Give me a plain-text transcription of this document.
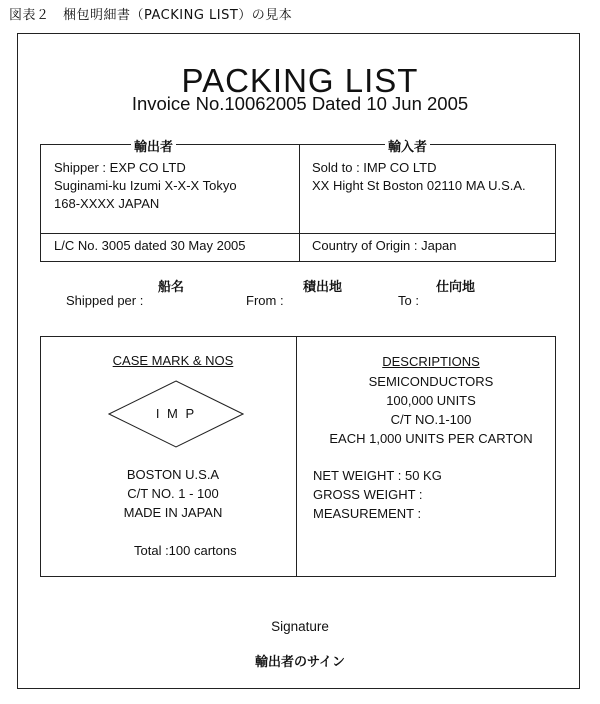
図表２　梱包明細書（PACKING LIST）の見本
PACKING LIST
Invoice No.10062005 Dated 10 Jun 2005
輸出者	輸入者
Shipper : EXP CO LTD
Suginami-ku Izumi X-X-X Tokyo
168-XXXX JAPAN
Sold to : IMP CO LTD
XX Hight St Boston 02110 MA U.S.A.
L/C No. 3005 dated 30 May 2005	Country of Origin : Japan
船名
Shipped per :
積出地
From :
仕向地
To :
CASE MARK & NOS
I M P
BOSTON U.S.A
C/T NO. 1 - 100
MADE IN JAPAN
Total :100 cartons
DESCRIPTIONS
SEMICONDUCTORS
100,000 UNITS
C/T NO.1-100
EACH 1,000 UNITS PER CARTON
NET WEIGHT : 50 KG
GROSS WEIGHT :
MEASUREMENT :
Signature
輸出者のサイン
